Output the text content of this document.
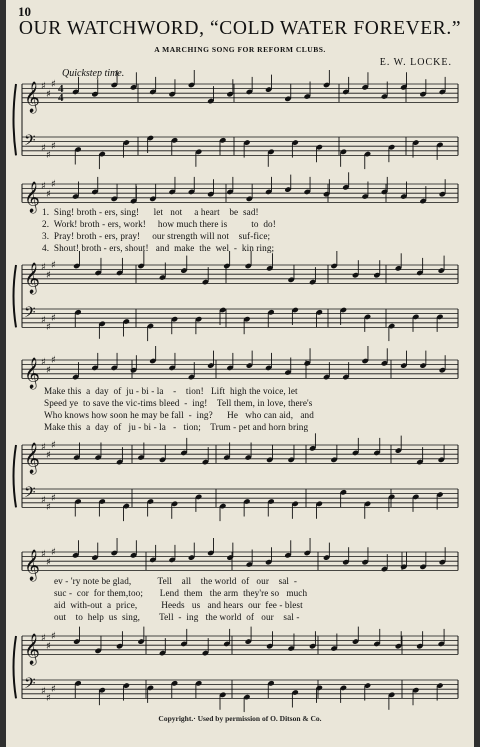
10
OUR WATCHWORD, “COLD WATER FOREVER.”
A MARCHING SONG FOR REFORM CLUBS.
E. W. LOCKE.
Quickstep time.
𝄞 ♯
♯
♯ 4
4
𝄢 ♯
♯
♯
𝄞 ♯
♯
♯
𝄞 ♯
♯
♯
𝄢 ♯
♯
♯
𝄞 ♯
♯
♯
𝄞 ♯
♯
♯
𝄢 ♯
♯
♯
𝄞 ♯
♯
♯
𝄞 ♯
♯
♯
𝄢 ♯
♯
♯
1.  Sing! broth - ers, sing!      let   not     a heart    be  sad!
2.  Work! broth - ers, work!     how much there is          to  do!
3.  Pray! broth - ers, pray!     our strength will not    suf-fice;
4.  Shout! broth - ers, shout!   and  make  the  wel  -  kin ring;
Make this  a  day  of  ju - bi - la    -    tion!   Lift  high the voice, let
Speed ye  to save the vic-tims bleed  -  ing!    Tell them, in love, there's
Who knows how soon he may be fall  -  ing?      He   who can aid,   and
Make this  a  day  of   ju - bi - la   -   tion;    Trum - pet and horn bring
ev - 'ry note be glad,           Tell    all    the world  of   our    sal  -
suc -  cor  for them,too;       Lend  them   the arm  they're so   much
aid  with-out  a  price,          Heeds   us   and hears  our  fee - blest
out    to  help  us  sing,        Tell  -  ing   the world  of   our    sal -
Copyright.· Used by permission of O. Ditson & Co.
